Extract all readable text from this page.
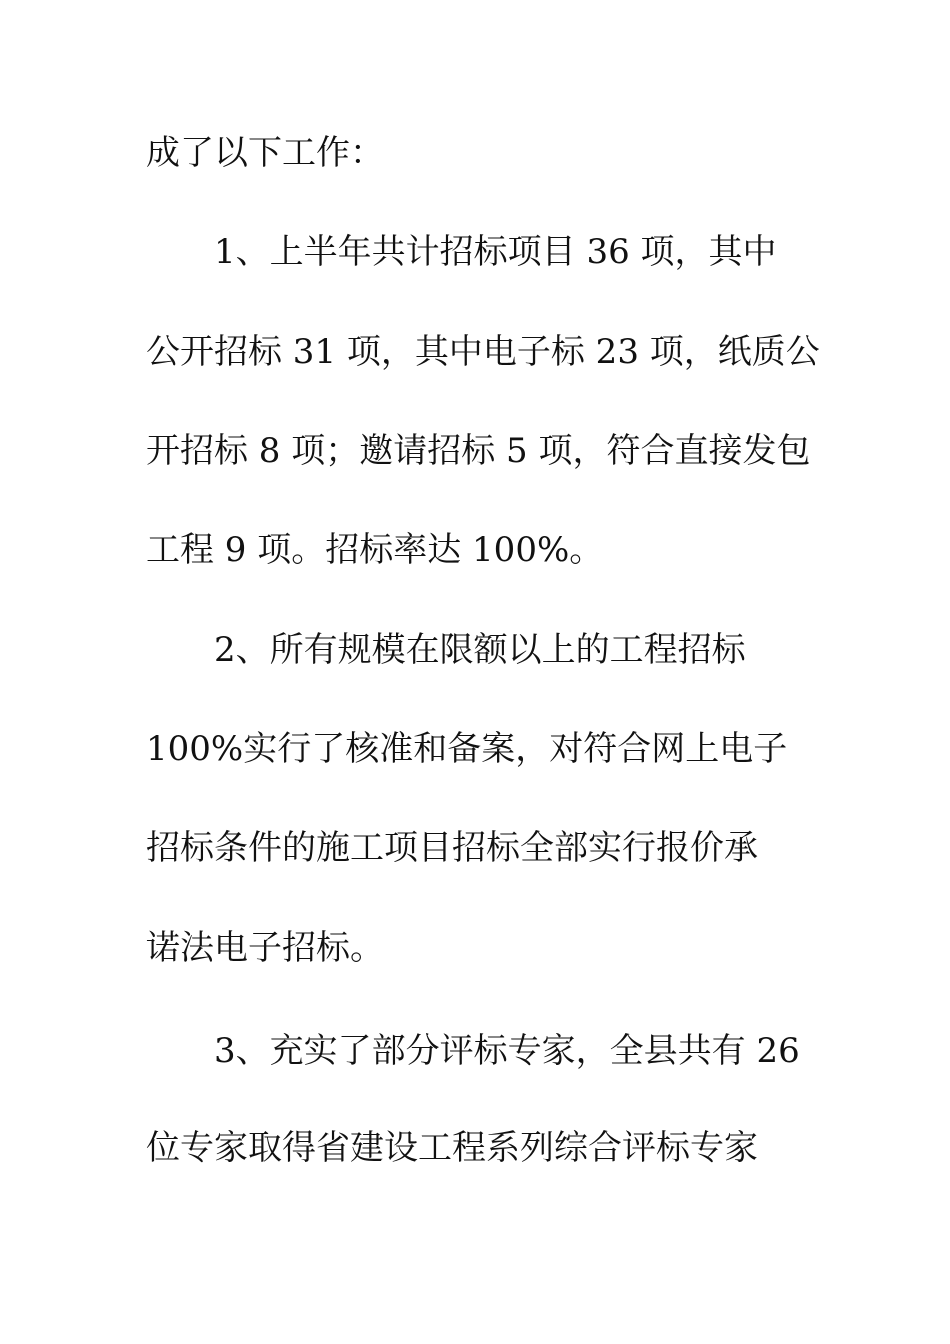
成了以下工作：
1、上半年共计招标项目 36 项，其中
公开招标 31 项，其中电子标 23 项，纸质公
开招标 8 项；邀请招标 5 项，符合直接发包
工程 9 项。招标率达 100%。
2、所有规模在限额以上的工程招标
100%实行了核准和备案，对符合网上电子
招标条件的施工项目招标全部实行报价承
诺法电子招标。
3、充实了部分评标专家，全县共有 26
位专家取得省建设工程系列综合评标专家
